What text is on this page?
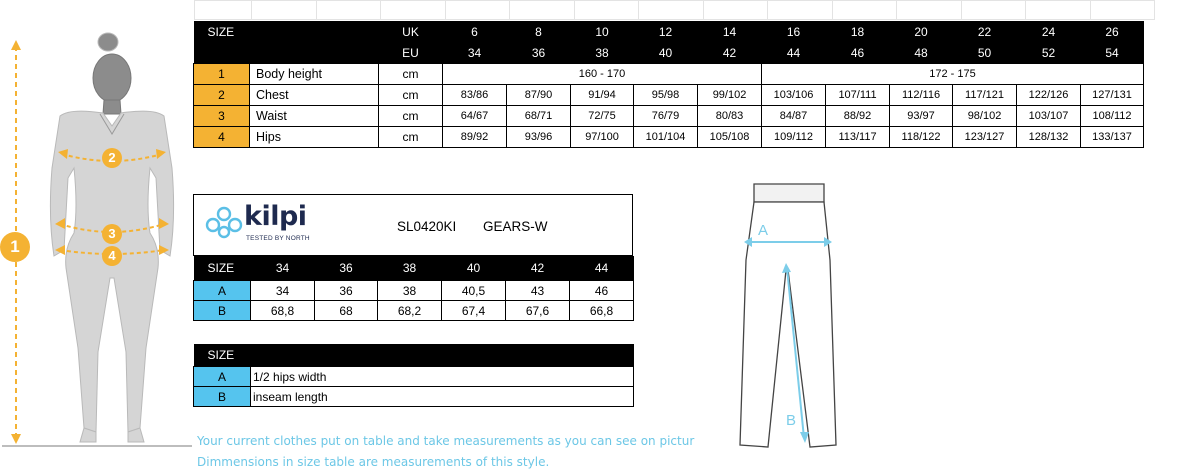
1
2
3
4

SIZE		UK	6	8	10	12	14	16	18	20	22	24	26
		EU	34	36	38	40	42	44	46	48	50	52	54
1	Body height	cm	160 - 170					172 - 175					
2	Chest	cm	83/86	87/90	91/94	95/98	99/102	103/106	107/111	112/116	117/121	122/126	127/131
3	Waist	cm	64/67	68/71	72/75	76/79	80/83	84/87	88/92	93/97	98/102	103/107	108/112
4	Hips	cm	89/92	93/96	97/100	101/104	105/108	109/112	113/117	118/122	123/127	128/132	133/137
kilpi
TESTED BY NORTH
SL0420KI GEARS-W
SIZE	34	36	38	40	42	44
A	34	36	38	40,5	43	46
B	68,8	68	68,2	67,4	67,6	66,8
SIZE	
A	1/2 hips width
B	inseam length
A
B
Your current clothes put on table and take measurements as you can see on pictur
Dimmensions in size table are measurements of this style.
